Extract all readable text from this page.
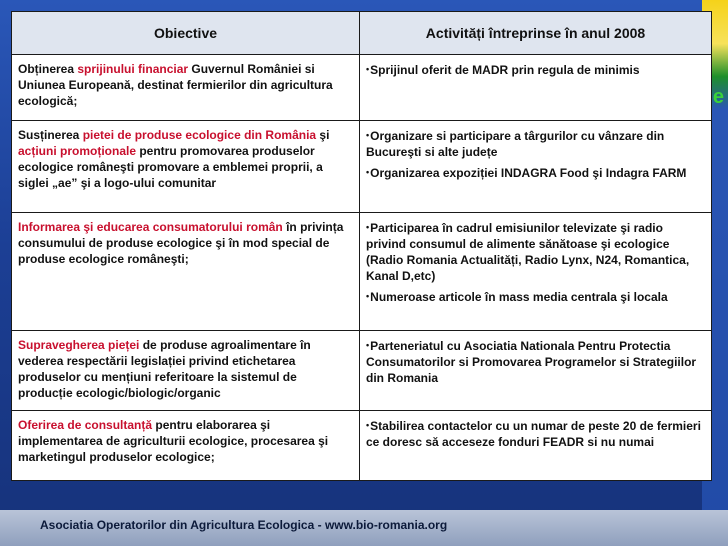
e
Asociatia Operatorilor din Agricultura Ecologica - www.bio-romania.org
Obiective	Activități întreprinse în anul 2008
Obținerea sprijinului financiar Guvernul României si Uniunea Europeană, destinat fermierilor din agricultura ecologică;	•Sprijinul oferit de MADR prin regula de minimis

Susținerea pietei de produse ecologice din România şi acțiuni promoționale pentru promovarea produselor ecologice româneşti promovare a emblemei proprii, a siglei „ae” şi a logo-ului comunitar	•Organizare si participare a târgurilor cu vânzare din Bucureşti si alte județe
•Organizarea expoziției INDAGRA Food şi Indagra FARM

Informarea şi educarea consumatorului român în privința consumului de produse ecologice şi în mod special de produse ecologice româneşti;	•Participarea în cadrul emisiunilor televizate şi radio privind consumul de alimente sănătoase şi ecologice (Radio Romania Actualități, Radio Lynx, N24, Romantica, Kanal D,etc)
•Numeroase articole în mass media centrala şi locala

Supravegherea pieței de produse agroalimentare în vederea respectării legislației privind etichetarea produselor cu mențiuni referitoare la sistemul de producție ecologic/biologic/organic	•Parteneriatul cu Asociatia Nationala Pentru Protectia Consumatorilor si Promovarea Programelor si Strategiilor din Romania

Oferirea de consultanță pentru elaborarea şi implementarea de agriculturii ecologice, procesarea şi marketingul produselor ecologice;	•Stabilirea contactelor cu un numar de peste 20 de fermieri ce doresc să acceseze fonduri FEADR si nu numai
